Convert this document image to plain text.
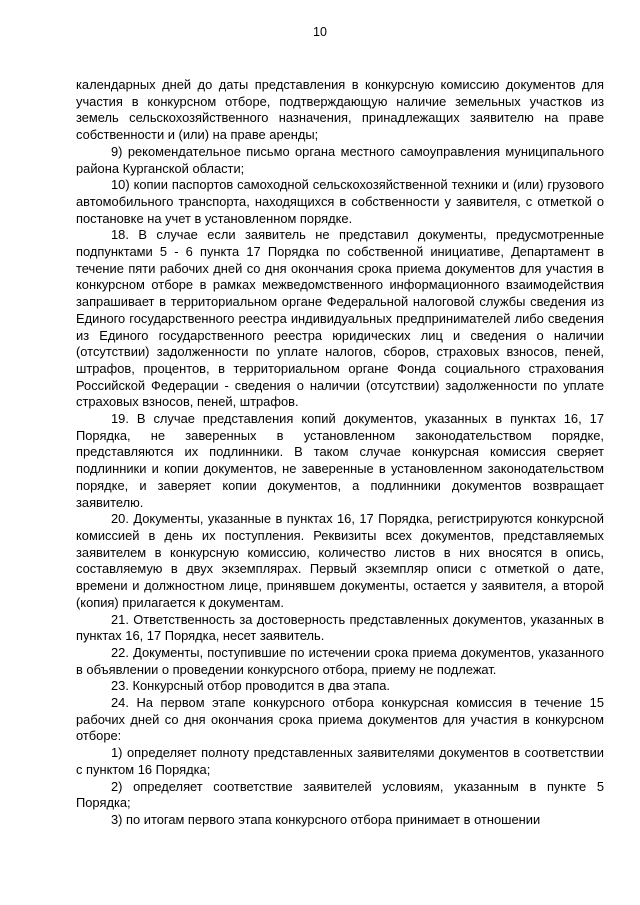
10

календарных дней до даты представления в конкурсную комиссию документов для участия в конкурсном отборе, подтверждающую наличие земельных участков из земель сельскохозяйственного назначения, принадлежащих заявителю на праве собственности и (или) на праве аренды;

9) рекомендательное письмо органа местного самоуправления муниципального района Курганской области;

10) копии паспортов самоходной сельскохозяйственной техники и (или) грузового автомобильного транспорта, находящихся в собственности у заявителя, с отметкой о постановке на учет в установленном порядке.

18. В случае если заявитель не представил документы, предусмотренные подпунктами 5 - 6 пункта 17 Порядка по собственной инициативе, Департамент в течение пяти рабочих дней со дня окончания срока приема документов для участия в конкурсном отборе в рамках межведомственного информационного взаимодействия запрашивает в территориальном органе Федеральной налоговой службы сведения из Единого государственного реестра индивидуальных предпринимателей либо сведения из Единого государственного реестра юридических лиц и сведения о наличии (отсутствии) задолженности по уплате налогов, сборов, страховых взносов, пеней, штрафов, процентов, в территориальном органе Фонда социального страхования Российской Федерации - сведения о наличии (отсутствии) задолженности по уплате страховых взносов, пеней, штрафов.

19. В случае представления копий документов, указанных в пунктах 16, 17 Порядка, не заверенных в установленном законодательством порядке, представляются их подлинники. В таком случае конкурсная комиссия сверяет подлинники и копии документов, не заверенные в установленном законодательством порядке, и заверяет копии документов, а подлинники документов возвращает заявителю.

20. Документы, указанные в пунктах 16, 17 Порядка, регистрируются конкурсной комиссией в день их поступления. Реквизиты всех документов, представляемых заявителем в конкурсную комиссию, количество листов в них вносятся в опись, составляемую в двух экземплярах. Первый экземпляр описи с отметкой о дате, времени и должностном лице, принявшем документы, остается у заявителя, а второй (копия) прилагается к документам.

21. Ответственность за достоверность представленных документов, указанных в пунктах 16, 17 Порядка, несет заявитель.

22. Документы, поступившие по истечении срока приема документов, указанного в объявлении о проведении конкурсного отбора, приему не подлежат.

23. Конкурсный отбор проводится в два этапа.

24. На первом этапе конкурсного отбора конкурсная комиссия в течение 15 рабочих дней со дня окончания срока приема документов для участия в конкурсном отборе:

1) определяет полноту представленных заявителями документов в соответствии с пунктом 16 Порядка;

2) определяет соответствие заявителей условиям, указанным в пункте 5 Порядка;

3) по итогам первого этапа конкурсного отбора принимает в отношении
